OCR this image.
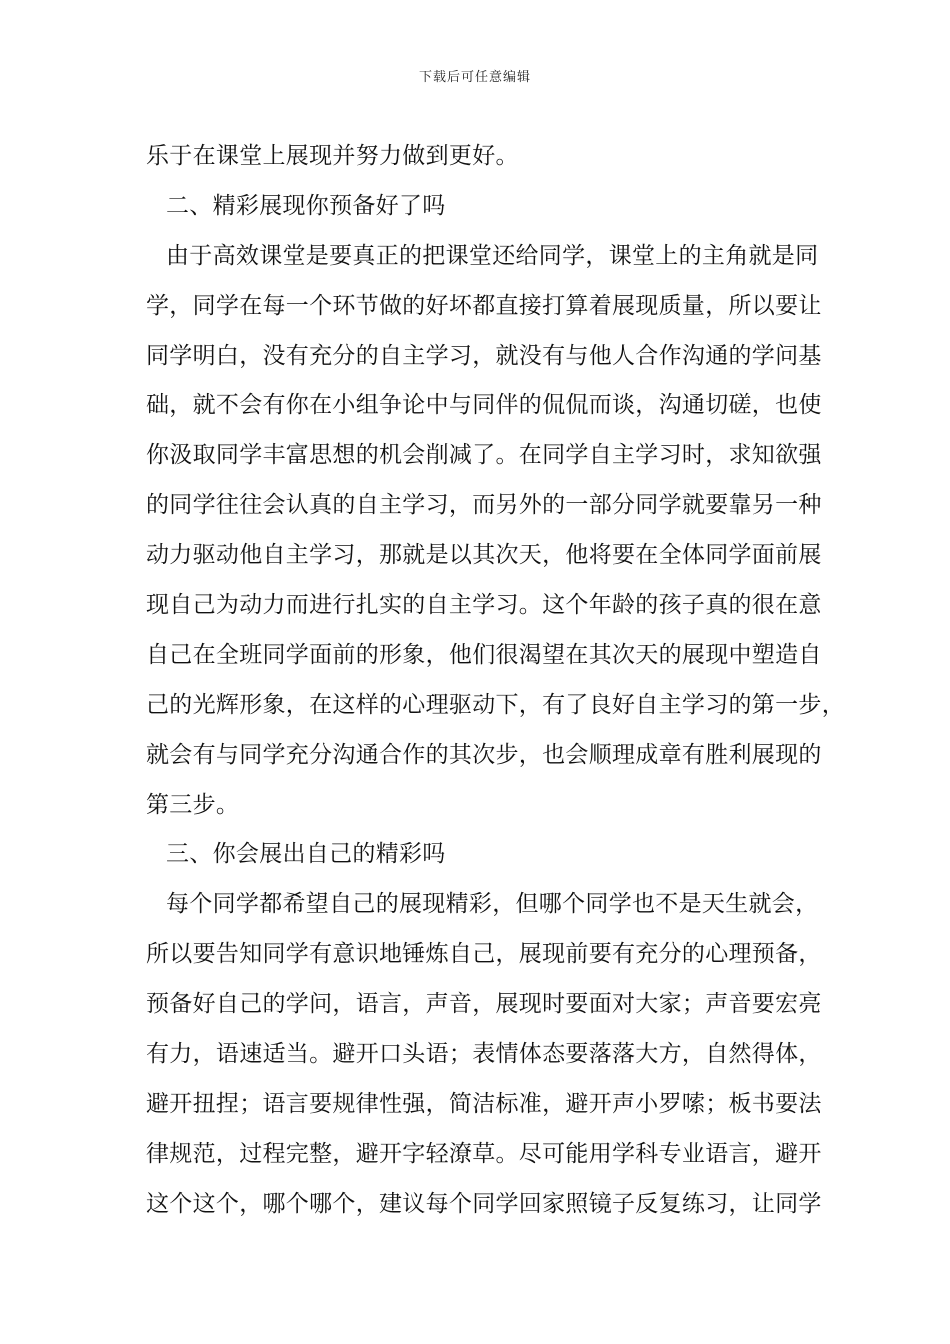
下载后可任意编辑
乐于在课堂上展现并努力做到更好。
二、精彩展现你预备好了吗
由于高效课堂是要真正的把课堂还给同学，课堂上的主角就是同
学，同学在每一个环节做的好坏都直接打算着展现质量，所以要让
同学明白，没有充分的自主学习，就没有与他人合作沟通的学问基
础，就不会有你在小组争论中与同伴的侃侃而谈，沟通切磋，也使
你汲取同学丰富思想的机会削减了。在同学自主学习时，求知欲强
的同学往往会认真的自主学习，而另外的一部分同学就要靠另一种
动力驱动他自主学习，那就是以其次天，他将要在全体同学面前展
现自己为动力而进行扎实的自主学习。这个年龄的孩子真的很在意
自己在全班同学面前的形象，他们很渴望在其次天的展现中塑造自
己的光辉形象，在这样的心理驱动下，有了良好自主学习的第一步，
就会有与同学充分沟通合作的其次步，也会顺理成章有胜利展现的
第三步。
三、你会展出自己的精彩吗
每个同学都希望自己的展现精彩，但哪个同学也不是天生就会，
所以要告知同学有意识地锤炼自己，展现前要有充分的心理预备，
预备好自己的学问，语言，声音，展现时要面对大家；声音要宏亮
有力，语速适当。避开口头语；表情体态要落落大方，自然得体，
避开扭捏；语言要规律性强，简洁标准，避开声小罗嗦；板书要法
律规范，过程完整，避开字轻潦草。尽可能用学科专业语言，避开
这个这个，哪个哪个，建议每个同学回家照镜子反复练习，让同学
